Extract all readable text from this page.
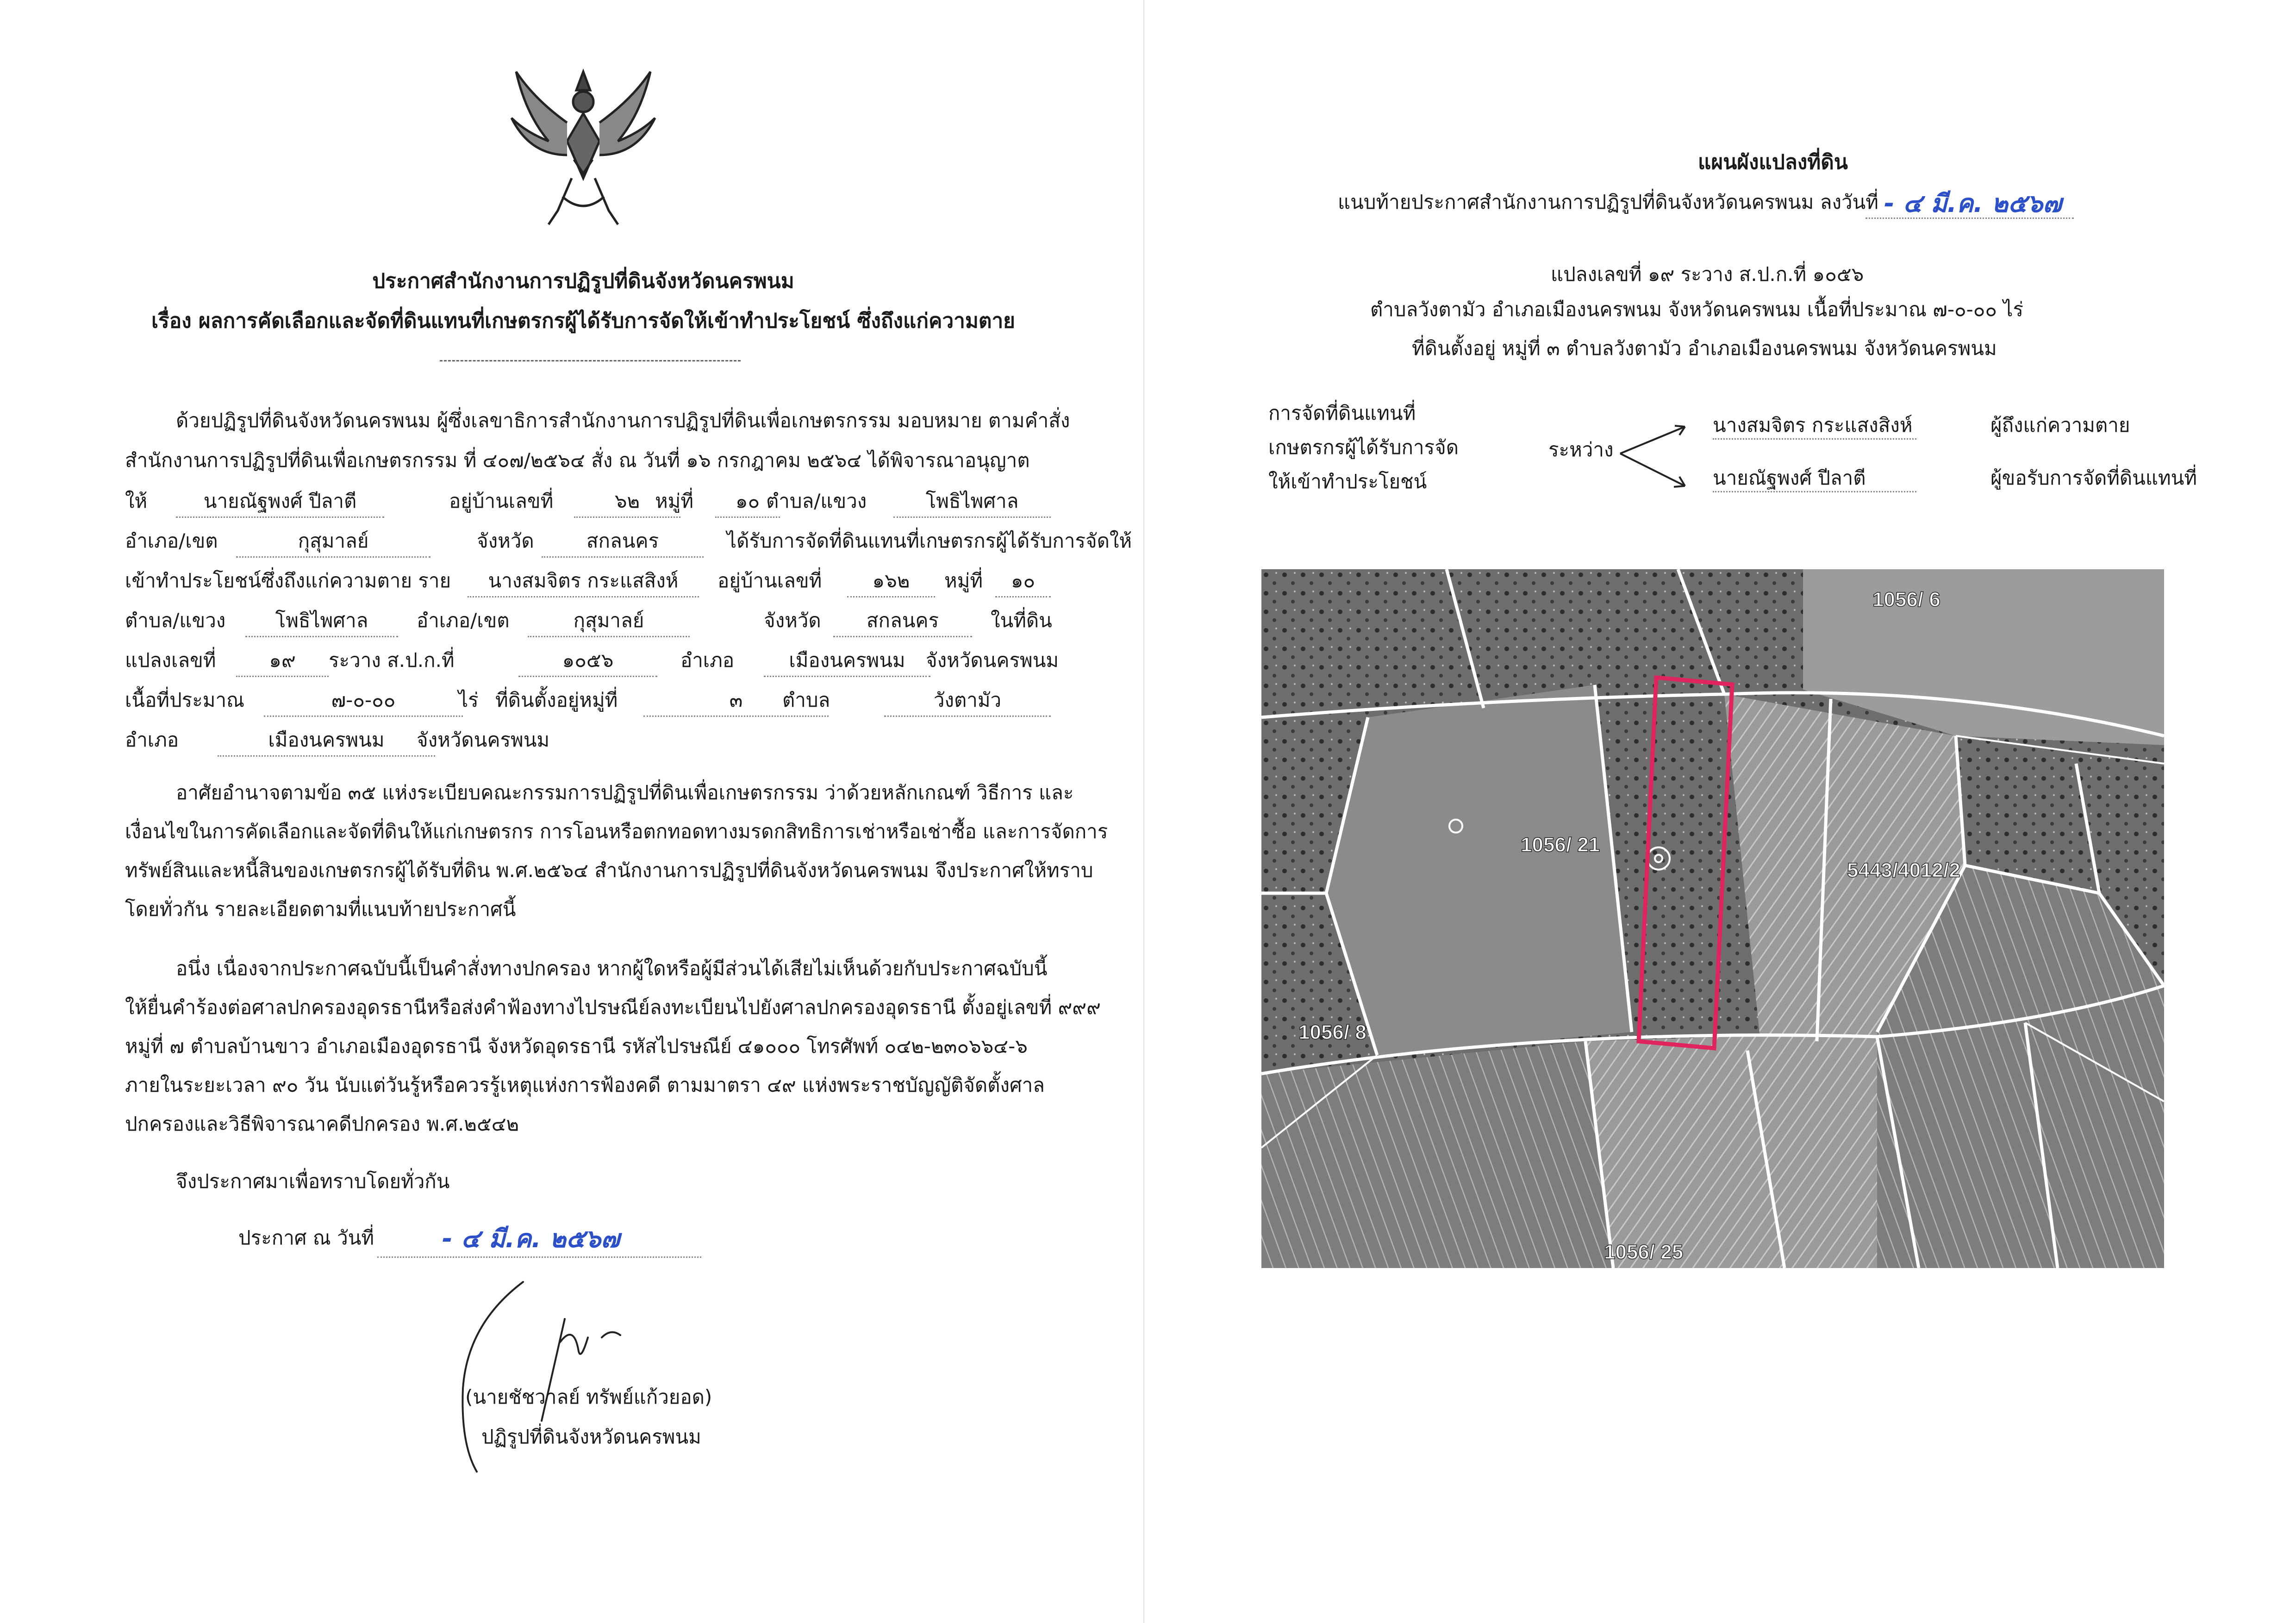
ประกาศสำนักงานการปฏิรูปที่ดินจังหวัดนครพนม
เรื่อง ผลการคัดเลือกและจัดที่ดินแทนที่เกษตรกรผู้ได้รับการจัดให้เข้าทำประโยชน์ ซึ่งถึงแก่ความตาย
ด้วยปฏิรูปที่ดินจังหวัดนครพนม ผู้ซึ่งเลขาธิการสำนักงานการปฏิรูปที่ดินเพื่อเกษตรกรรม มอบหมาย ตามคำสั่ง
สำนักงานการปฏิรูปที่ดินเพื่อเกษตรกรรม ที่ ๔๐๗/๒๕๖๔ สั่ง ณ วันที่ ๑๖ กรกฎาคม ๒๕๖๔ ได้พิจารณาอนุญาต
ให้	นายณัฐพงศ์ ปีลาตี	อยู่บ้านเลขที่	๖๒ หมู่ที่	๑๐ ตำบล/แขวง	โพธิไพศาล
อำเภอ/เขต	กุสุมาลย์	จังหวัด	สกลนคร	ได้รับการจัดที่ดินแทนที่เกษตรกรผู้ได้รับการจัดให้
เข้าทำประโยชน์ซึ่งถึงแก่ความตาย ราย	นางสมจิตร กระแสสิงห์	อยู่บ้านเลขที่	๑๖๒	หมู่ที่	๑๐
ตำบล/แขวง	โพธิไพศาล	อำเภอ/เขต	กุสุมาลย์	จังหวัด	สกลนคร	ในที่ดิน
แปลงเลขที่	๑๙	ระวาง ส.ป.ก.ที่	๑๐๕๖	อำเภอ	เมืองนครพนม	จังหวัดนครพนม
เนื้อที่ประมาณ	๗-๐-๐๐	ไร่ ที่ดินตั้งอยู่หมู่ที่	๓	ตำบล	วังตามัว
อำเภอ	เมืองนครพนม	จังหวัดนครพนม
อาศัยอำนาจตามข้อ ๓๕ แห่งระเบียบคณะกรรมการปฏิรูปที่ดินเพื่อเกษตรกรรม ว่าด้วยหลักเกณฑ์ วิธีการ และ
เงื่อนไขในการคัดเลือกและจัดที่ดินให้แก่เกษตรกร การโอนหรือตกทอดทางมรดกสิทธิการเช่าหรือเช่าซื้อ และการจัดการ
ทรัพย์สินและหนี้สินของเกษตรกรผู้ได้รับที่ดิน พ.ศ.๒๕๖๔ สำนักงานการปฏิรูปที่ดินจังหวัดนครพนม จึงประกาศให้ทราบ
โดยทั่วกัน รายละเอียดตามที่แนบท้ายประกาศนี้
อนึ่ง เนื่องจากประกาศฉบับนี้เป็นคำสั่งทางปกครอง หากผู้ใดหรือผู้มีส่วนได้เสียไม่เห็นด้วยกับประกาศฉบับนี้
ให้ยื่นคำร้องต่อศาลปกครองอุดรธานีหรือส่งคำฟ้องทางไปรษณีย์ลงทะเบียนไปยังศาลปกครองอุดรธานี ตั้งอยู่เลขที่ ๙๙๙
หมู่ที่ ๗ ตำบลบ้านขาว อำเภอเมืองอุดรธานี จังหวัดอุดรธานี รหัสไปรษณีย์ ๔๑๐๐๐ โทรศัพท์ ๐๔๒-๒๓๐๖๖๔-๖
ภายในระยะเวลา ๙๐ วัน นับแต่วันรู้หรือควรรู้เหตุแห่งการฟ้องคดี ตามมาตรา ๔๙ แห่งพระราชบัญญัติจัดตั้งศาล
ปกครองและวิธีพิจารณาคดีปกครอง พ.ศ.๒๕๔๒
จึงประกาศมาเพื่อทราบโดยทั่วกัน
ประกาศ ณ วันที่	- ๔ มี.ค. ๒๕๖๗
(นายชัชวาลย์ ทรัพย์แก้วยอด)
ปฏิรูปที่ดินจังหวัดนครพนม
แผนผังแปลงที่ดิน
แนบท้ายประกาศสำนักงานการปฏิรูปที่ดินจังหวัดนครพนม ลงวันที่ - ๔ มี.ค. ๒๕๖๗
แปลงเลขที่ ๑๙ ระวาง ส.ป.ก.ที่ ๑๐๕๖
ตำบลวังตามัว อำเภอเมืองนครพนม จังหวัดนครพนม เนื้อที่ประมาณ ๗-๐-๐๐ ไร่
ที่ดินตั้งอยู่ หมู่ที่ ๓ ตำบลวังตามัว อำเภอเมืองนครพนม จังหวัดนครพนม
การจัดที่ดินแทนที่
เกษตรกรผู้ได้รับการจัด
ให้เข้าทำประโยชน์
ระหว่าง
นางสมจิตร กระแสงสิงห์	ผู้ถึงแก่ความตาย
นายณัฐพงศ์ ปีลาตี	ผู้ขอรับการจัดที่ดินแทนที่
1056/ 6
1056/ 21
5443/4012/2
1056/ 8
1056/ 25
